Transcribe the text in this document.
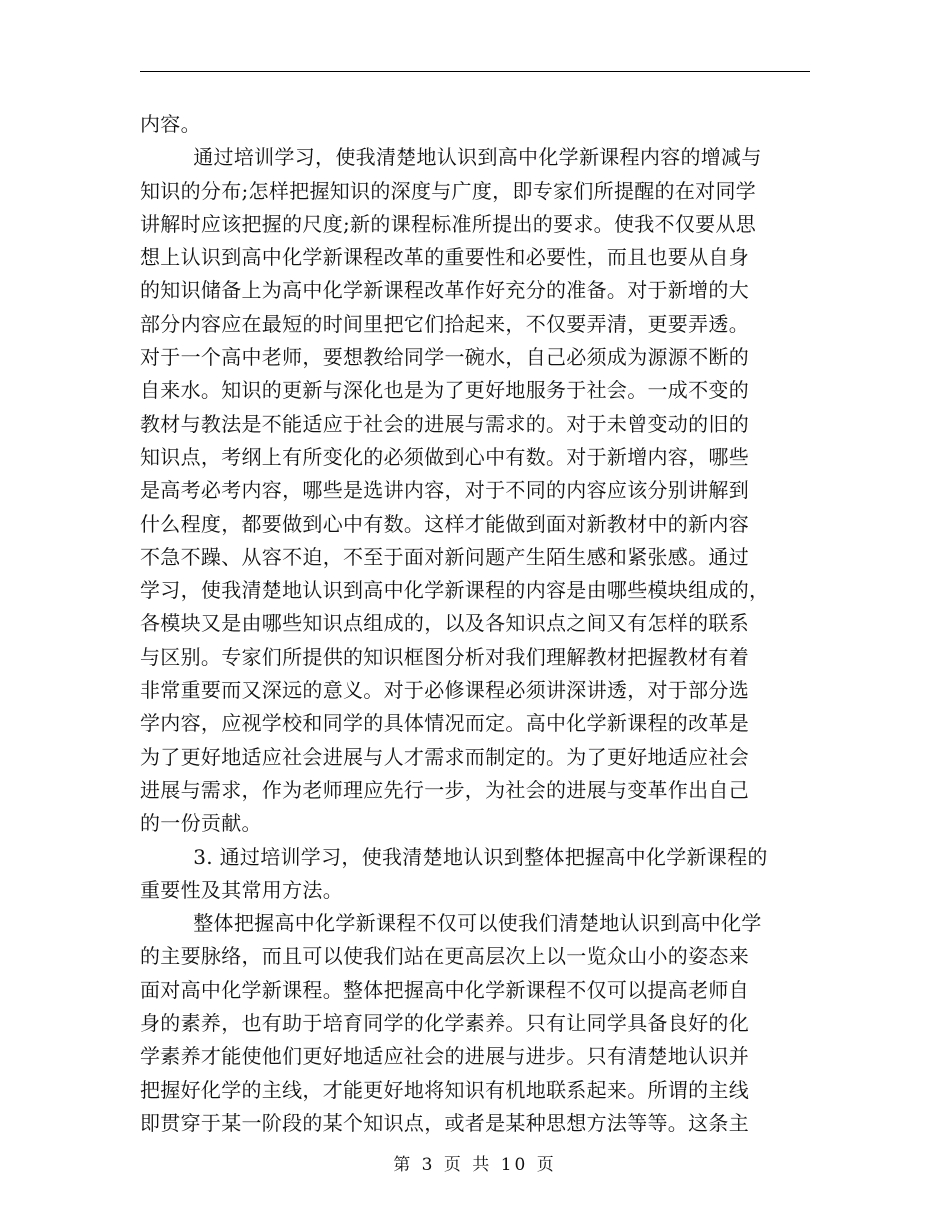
内容。
通过培训学习，使我清楚地认识到高中化学新课程内容的增减与
知识的分布;怎样把握知识的深度与广度，即专家们所提醒的在对同学
讲解时应该把握的尺度;新的课程标准所提出的要求。使我不仅要从思
想上认识到高中化学新课程改革的重要性和必要性，而且也要从自身
的知识储备上为高中化学新课程改革作好充分的准备。对于新增的大
部分内容应在最短的时间里把它们拾起来，不仅要弄清，更要弄透。
对于一个高中老师，要想教给同学一碗水，自己必须成为源源不断的
自来水。知识的更新与深化也是为了更好地服务于社会。一成不变的
教材与教法是不能适应于社会的进展与需求的。对于未曾变动的旧的
知识点，考纲上有所变化的必须做到心中有数。对于新增内容，哪些
是高考必考内容，哪些是选讲内容，对于不同的内容应该分别讲解到
什么程度，都要做到心中有数。这样才能做到面对新教材中的新内容
不急不躁、从容不迫，不至于面对新问题产生陌生感和紧张感。通过
学习，使我清楚地认识到高中化学新课程的内容是由哪些模块组成的，
各模块又是由哪些知识点组成的，以及各知识点之间又有怎样的联系
与区别。专家们所提供的知识框图分析对我们理解教材把握教材有着
非常重要而又深远的意义。对于必修课程必须讲深讲透，对于部分选
学内容，应视学校和同学的具体情况而定。高中化学新课程的改革是
为了更好地适应社会进展与人才需求而制定的。为了更好地适应社会
进展与需求，作为老师理应先行一步，为社会的进展与变革作出自己
的一份贡献。
3. 通过培训学习，使我清楚地认识到整体把握高中化学新课程的
重要性及其常用方法。
整体把握高中化学新课程不仅可以使我们清楚地认识到高中化学
的主要脉络，而且可以使我们站在更高层次上以一览众山小的姿态来
面对高中化学新课程。整体把握高中化学新课程不仅可以提高老师自
身的素养，也有助于培育同学的化学素养。只有让同学具备良好的化
学素养才能使他们更好地适应社会的进展与进步。只有清楚地认识并
把握好化学的主线，才能更好地将知识有机地联系起来。所谓的主线
即贯穿于某一阶段的某个知识点，或者是某种思想方法等等。这条主
第 3 页 共 10 页
